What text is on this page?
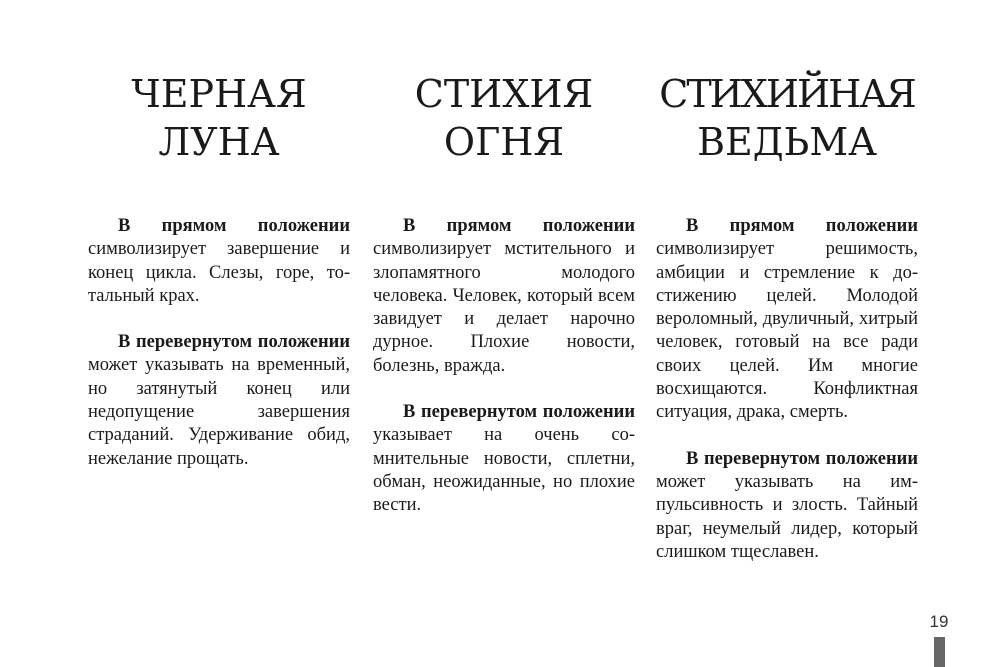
ЧЕРНАЯ
ЛУНА

В прямом положении символизирует завершение и конец цикла. Слезы, горе, тотальный крах.

В перевернутом положении может указывать на временный, но затянутый конец или недопущение завершения страданий. Удерживание обид, нежелание прощать.

СТИХИЯ
ОГНЯ

В прямом положении символизирует мстительного и злопамятного молодого человека. Человек, который всем завидует и делает нарочно дурное. Плохие новости, болезнь, вражда.

В перевернутом положении указывает на очень сомнительные новости, сплетни, обман, неожиданные, но плохие вести.

СТИХИЙНАЯ
ВЕДЬМА

В прямом положении символизирует решимость, амбиции и стремление к достижению целей. Молодой вероломный, двуличный, хитрый человек, готовый на все ради своих целей. Им многие восхищаются. Конфликтная ситуация, драка, смерть.

В перевернутом положении может указывать на импульсивность и злость. Тайный враг, неумелый лидер, который слишком тщеславен.

19
